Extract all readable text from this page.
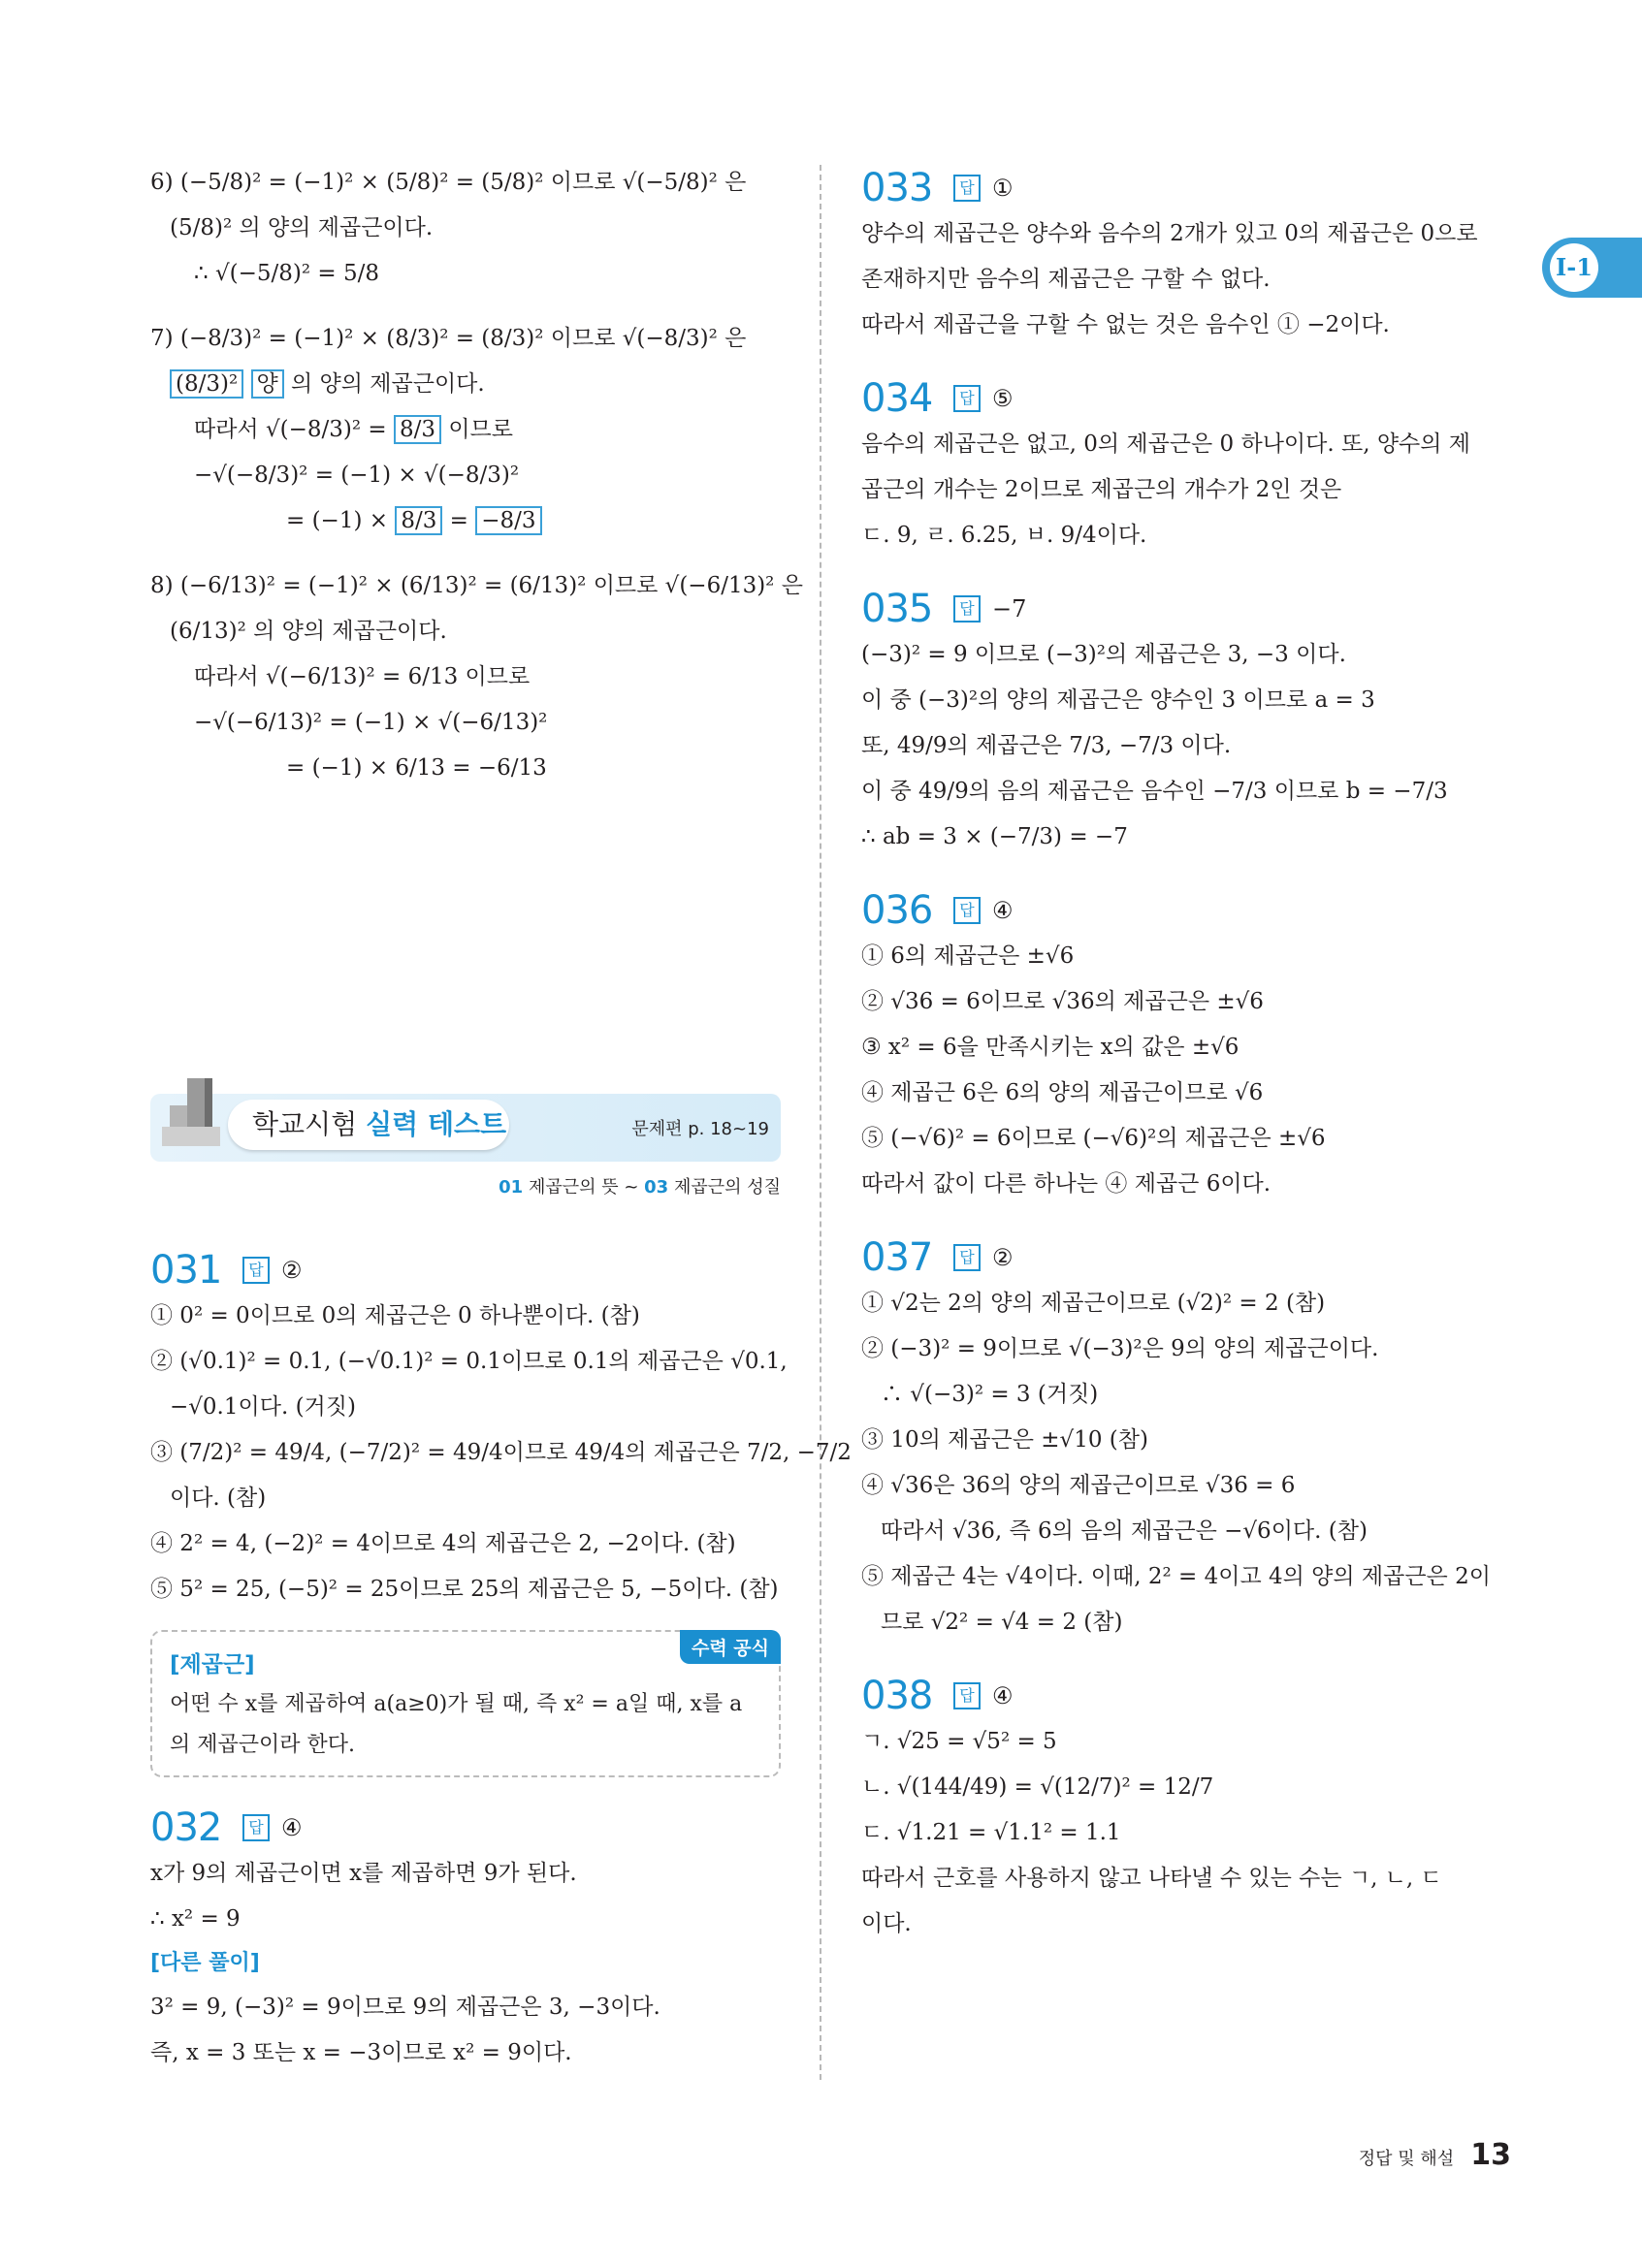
I-1
6) (−5/8)² = (−1)² × (5/8)² = (5/8)² 이므로 √(−5/8)² 은
(5/8)² 의 양의 제곱근이다.
∴ √(−5/8)² = 5/8
7) (−8/3)² = (−1)² × (8/3)² = (8/3)² 이므로 √(−8/3)² 은
(8/3)² 양 의 양의 제곱근이다.
따라서 √(−8/3)² = 8/3 이므로
−√(−8/3)² = (−1) × √(−8/3)²
= (−1) × 8/3 = −8/3
8) (−6/13)² = (−1)² × (6/13)² = (6/13)² 이므로 √(−6/13)² 은
(6/13)² 의 양의 제곱근이다.
따라서 √(−6/13)² = 6/13 이므로
−√(−6/13)² = (−1) × √(−6/13)²
= (−1) × 6/13 = −6/13
학교시험 실력 테스트	문제편 p. 18~19
01 제곱근의 뜻 ~ 03 제곱근의 성질
031	답 ②
① 0² = 0이므로 0의 제곱근은 0 하나뿐이다. (참)
② (√0.1)² = 0.1, (−√0.1)² = 0.1이므로 0.1의 제곱근은 √0.1,
−√0.1이다. (거짓)
③ (7/2)² = 49/4, (−7/2)² = 49/4이므로 49/4의 제곱근은 7/2, −7/2
이다. (참)
④ 2² = 4, (−2)² = 4이므로 4의 제곱근은 2, −2이다. (참)
⑤ 5² = 25, (−5)² = 25이므로 25의 제곱근은 5, −5이다. (참)
수력 공식
[제곱근]
어떤 수 x를 제곱하여 a(a≥0)가 될 때, 즉 x² = a일 때, x를 a의 제곱근이라 한다.
032	답 ④
x가 9의 제곱근이면 x를 제곱하면 9가 된다.
∴ x² = 9
[다른 풀이]
3² = 9, (−3)² = 9이므로 9의 제곱근은 3, −3이다.
즉, x = 3 또는 x = −3이므로 x² = 9이다.
033	답 ①
양수의 제곱근은 양수와 음수의 2개가 있고 0의 제곱근은 0으로
존재하지만 음수의 제곱근은 구할 수 없다.
따라서 제곱근을 구할 수 없는 것은 음수인 ① −2이다.
034	답 ⑤
음수의 제곱근은 없고, 0의 제곱근은 0 하나이다. 또, 양수의 제
곱근의 개수는 2이므로 제곱근의 개수가 2인 것은
ㄷ. 9, ㄹ. 6.25, ㅂ. 9/4이다.
035	답 −7
(−3)² = 9 이므로 (−3)²의 제곱근은 3, −3 이다.
이 중 (−3)²의 양의 제곱근은 양수인 3 이므로 a = 3
또, 49/9의 제곱근은 7/3, −7/3 이다.
이 중 49/9의 음의 제곱근은 음수인 −7/3 이므로 b = −7/3
∴ ab = 3 × (−7/3) = −7
036	답 ④
① 6의 제곱근은 ±√6
② √36 = 6이므로 √36의 제곱근은 ±√6
③ x² = 6을 만족시키는 x의 값은 ±√6
④ 제곱근 6은 6의 양의 제곱근이므로 √6
⑤ (−√6)² = 6이므로 (−√6)²의 제곱근은 ±√6
따라서 값이 다른 하나는 ④ 제곱근 6이다.
037	답 ②
① √2는 2의 양의 제곱근이므로 (√2)² = 2 (참)
② (−3)² = 9이므로 √(−3)²은 9의 양의 제곱근이다.
∴ √(−3)² = 3 (거짓)
③ 10의 제곱근은 ±√10 (참)
④ √36은 36의 양의 제곱근이므로 √36 = 6
따라서 √36, 즉 6의 음의 제곱근은 −√6이다. (참)
⑤ 제곱근 4는 √4이다. 이때, 2² = 4이고 4의 양의 제곱근은 2이
므로 √2² = √4 = 2 (참)
038	답 ④
ㄱ. √25 = √5² = 5
ㄴ. √(144/49) = √(12/7)² = 12/7
ㄷ. √1.21 = √1.1² = 1.1
따라서 근호를 사용하지 않고 나타낼 수 있는 수는 ㄱ, ㄴ, ㄷ
이다.
정답 및 해설 13
